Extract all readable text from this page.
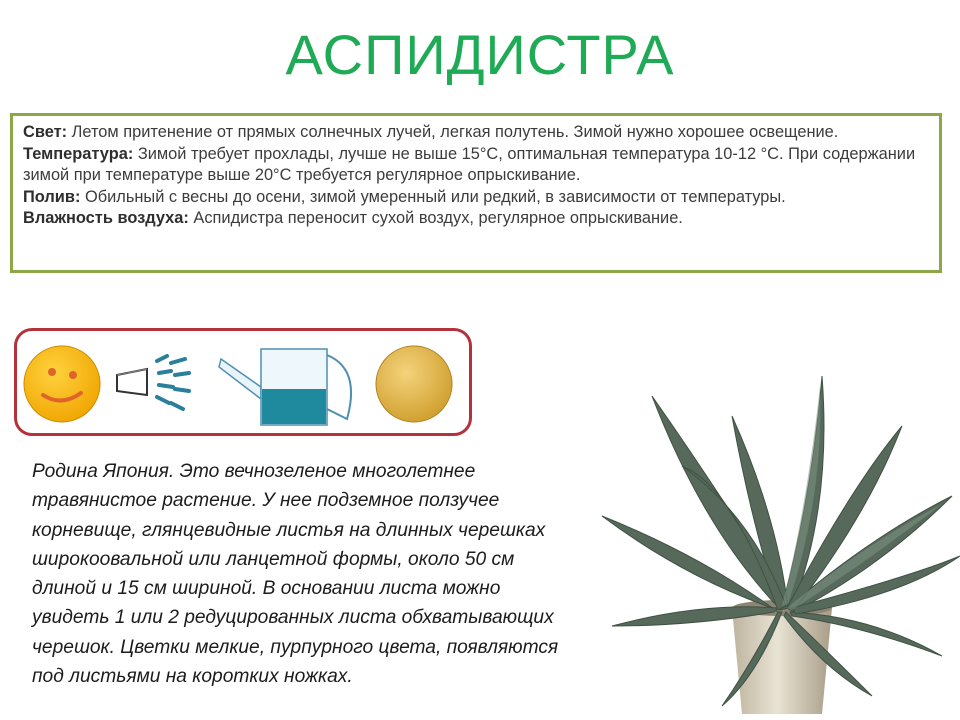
АСПИДИСТРА

Свет: Летом притенение от прямых солнечных лучей, легкая полутень. Зимой нужно хорошее освещение.

Температура: Зимой требует прохлады, лучше не выше 15°С, оптимальная температура 10-12 °С. При содержании зимой при температуре выше 20°С требуется регулярное опрыскивание.

Полив: Обильный с весны до осени, зимой умеренный или редкий, в зависимости от температуры.

Влажность воздуха: Аспидистра переносит сухой воздух, регулярное опрыскивание.

Родина Япония. Это вечнозеленое многолетнее
травянистое растение. У нее подземное ползучее
корневище, глянцевидные листья на длинных черешках
широкоовальной или ланцетной формы, около 50 см
длиной и 15 см шириной. В основании листа можно
увидеть 1 или 2 редуцированных листа обхватывающих
черешок. Цветки мелкие, пурпурного цвета, появляются
под листьями на коротких ножках.
